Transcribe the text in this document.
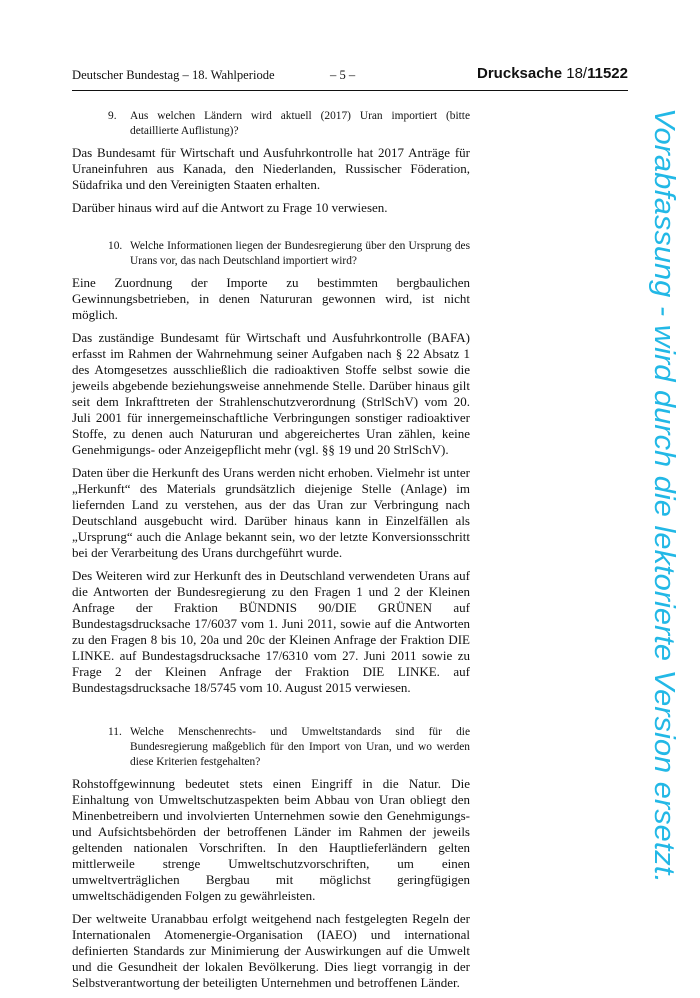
Deutscher Bundestag – 18. Wahlperiode	– 5 –	Drucksache 18/11522
9. Aus welchen Ländern wird aktuell (2017) Uran importiert (bitte detaillierte Auflistung)?

Das Bundesamt für Wirtschaft und Ausfuhrkontrolle hat 2017 Anträge für Uraneinfuhren aus Kanada, den Niederlanden, Russischer Föderation, Südafrika und den Vereinigten Staaten erhalten.

Darüber hinaus wird auf die Antwort zu Frage 10 verwiesen.

10. Welche Informationen liegen der Bundesregierung über den Ursprung des Urans vor, das nach Deutschland importiert wird?

Eine Zuordnung der Importe zu bestimmten bergbaulichen Gewinnungsbetrieben, in denen Natururan gewonnen wird, ist nicht möglich.

Das zuständige Bundesamt für Wirtschaft und Ausfuhrkontrolle (BAFA) erfasst im Rahmen der Wahrnehmung seiner Aufgaben nach § 22 Absatz 1 des Atomgesetzes ausschließlich die radioaktiven Stoffe selbst sowie die jeweils abgebende beziehungsweise annehmende Stelle. Darüber hinaus gilt seit dem Inkrafttreten der Strahlenschutzverordnung (StrlSchV) vom 20. Juli 2001 für innergemeinschaftliche Verbringungen sonstiger radioaktiver Stoffe, zu denen auch Natururan und abgereichertes Uran zählen, keine Genehmigungs- oder Anzeigepflicht mehr (vgl. §§ 19 und 20 StrlSchV).

Daten über die Herkunft des Urans werden nicht erhoben. Vielmehr ist unter „Herkunft“ des Materials grundsätzlich diejenige Stelle (Anlage) im liefernden Land zu verstehen, aus der das Uran zur Verbringung nach Deutschland ausgebucht wird. Darüber hinaus kann in Einzelfällen als „Ursprung“ auch die Anlage bekannt sein, wo der letzte Konversionsschritt bei der Verarbeitung des Urans durchgeführt wurde.

Des Weiteren wird zur Herkunft des in Deutschland verwendeten Urans auf die Antworten der Bundesregierung zu den Fragen 1 und 2 der Kleinen Anfrage der Fraktion BÜNDNIS 90/DIE GRÜNEN auf Bundestagsdrucksache 17/6037 vom 1. Juni 2011, sowie auf die Antworten zu den Fragen 8 bis 10, 20a und 20c der Kleinen Anfrage der Fraktion DIE LINKE. auf Bundestagsdrucksache 17/6310 vom 27. Juni 2011 sowie zu Frage 2 der Kleinen Anfrage der Fraktion DIE LINKE. auf Bundestagsdrucksache 18/5745 vom 10. August 2015 verwiesen.

11. Welche Menschenrechts- und Umweltstandards sind für die Bundesregierung maßgeblich für den Import von Uran, und wo werden diese Kriterien festgehalten?

Rohstoffgewinnung bedeutet stets einen Eingriff in die Natur. Die Einhaltung von Umweltschutzaspekten beim Abbau von Uran obliegt den Minenbetreibern und involvierten Unternehmen sowie den Genehmigungs- und Aufsichtsbehörden der betroffenen Länder im Rahmen der jeweils geltenden nationalen Vorschriften. In den Hauptlieferländern gelten mittlerweile strenge Umweltschutzvorschriften, um einen umweltverträglichen Bergbau mit möglichst geringfügigen umweltschädigenden Folgen zu gewährleisten.

Der weltweite Uranabbau erfolgt weitgehend nach festgelegten Regeln der Internationalen Atomenergie-Organisation (IAEO) und international definierten Standards zur Minimierung der Auswirkungen auf die Umwelt und die Gesundheit der lokalen Bevölkerung. Dies liegt vorrangig in der Selbstverantwortung der beteiligten Unternehmen und betroffenen Länder.

Vorabfassung - wird durch die lektorierte Version ersetzt.
